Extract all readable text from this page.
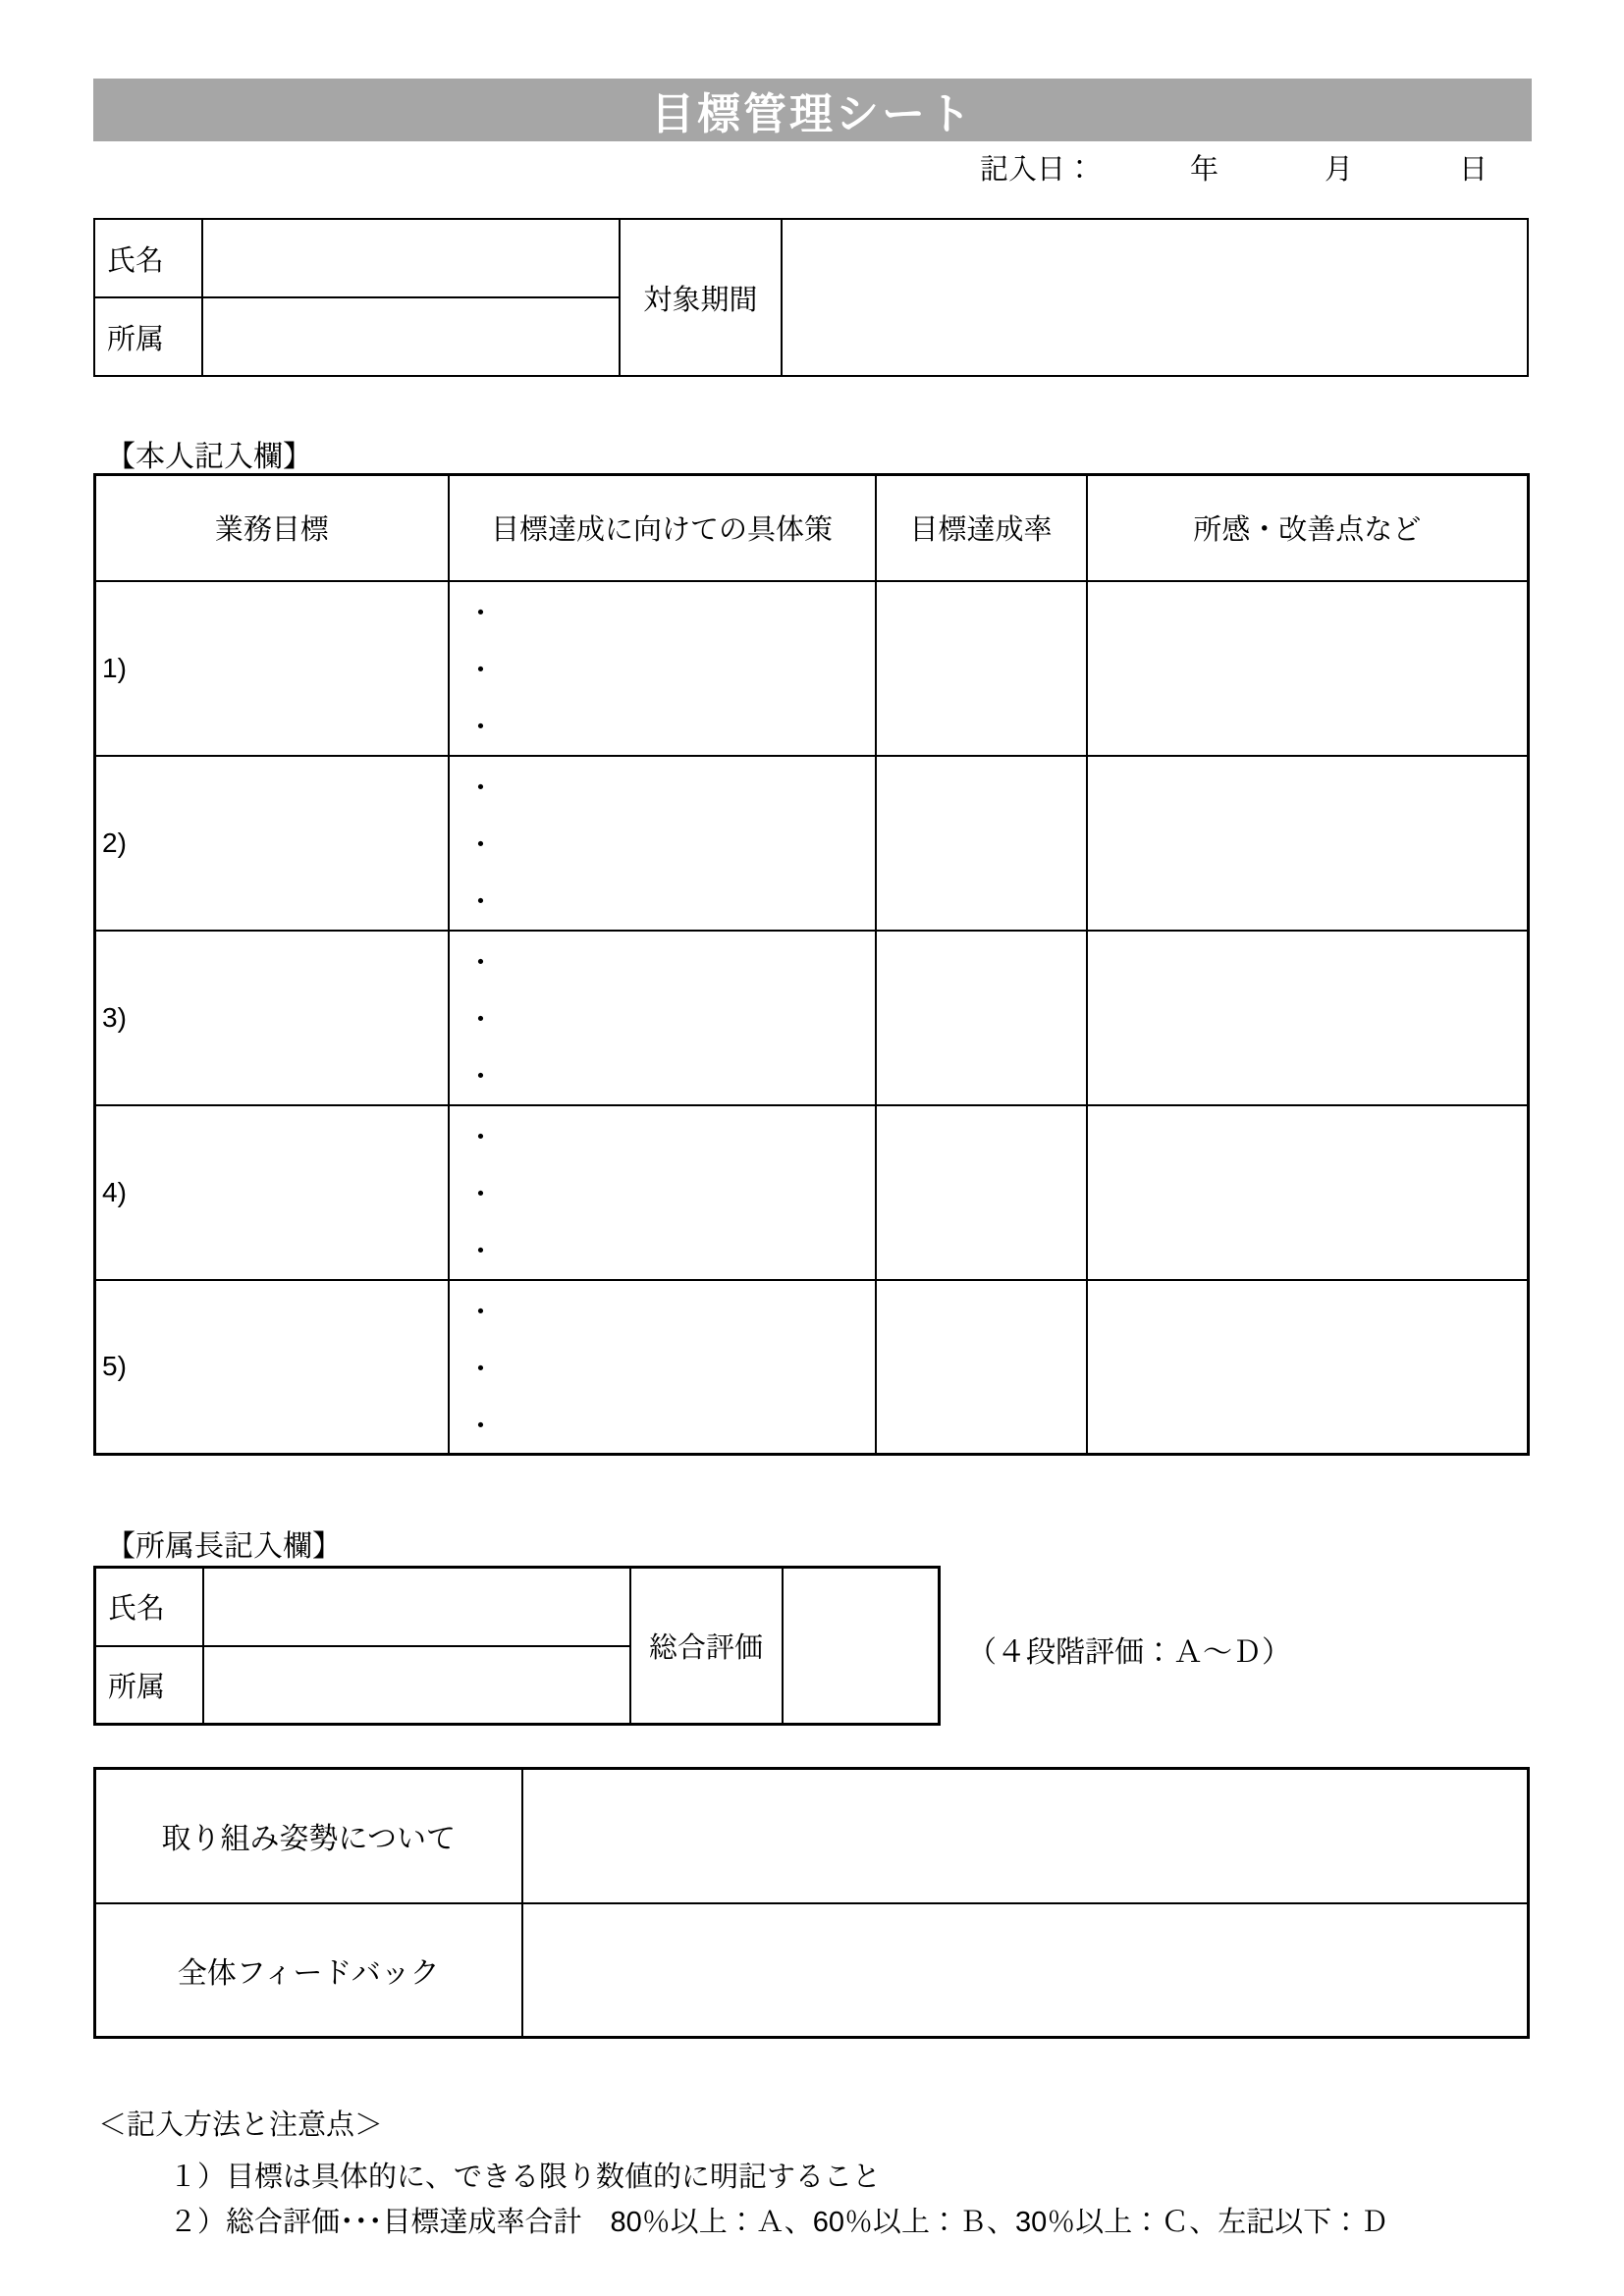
目標管理シート
記入日：	年	月	日
氏名		対象期間	
所属			
【本人記入欄】
業務目標	目標達成に向けての具体策	目標達成率	所感・改善点など
1)	・
・
・		

2)	・
・
・		

3)	・
・
・		

4)	・
・
・		

5)	・
・
・		

【所属長記入欄】
氏名		総合評価	
所属			
（４段階評価：Ａ～Ｄ）
取り組み姿勢について	
全体フィードバック	
＜記入方法と注意点＞
１）目標は具体的に、できる限り数値的に明記すること
２）総合評価･･･目標達成率合計　80％以上：Ａ、60％以上：Ｂ、30％以上：Ｃ、左記以下：Ｄ
